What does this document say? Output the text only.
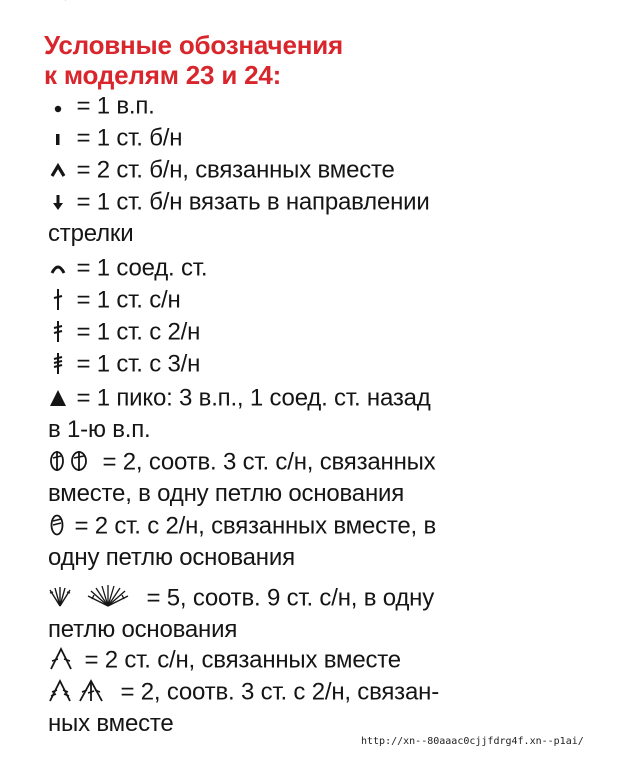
Условные обозначения
к моделям 23 и 24:
= 1 в.п.
= 1 ст. б/н
= 2 ст. б/н, связанных вместе
= 1 ст. б/н вязать в направлении
стрелки
= 1 соед. ст.
= 1 ст. с/н
= 1 ст. с 2/н
= 1 ст. с 3/н
= 1 пико: 3 в.п., 1 соед. ст. назад
в 1-ю в.п.
= 2, соотв. 3 ст. с/н, связанных
вместе, в одну петлю основания
= 2 ст. с 2/н, связанных вместе, в
одну петлю основания
= 5, соотв. 9 ст. с/н, в одну
петлю основания
= 2 ст. с/н, связанных вместе
= 2, соотв. 3 ст. с 2/н, связан-
ных вместе
http://xn--80aaac0cjjfdrg4f.xn--p1ai/
